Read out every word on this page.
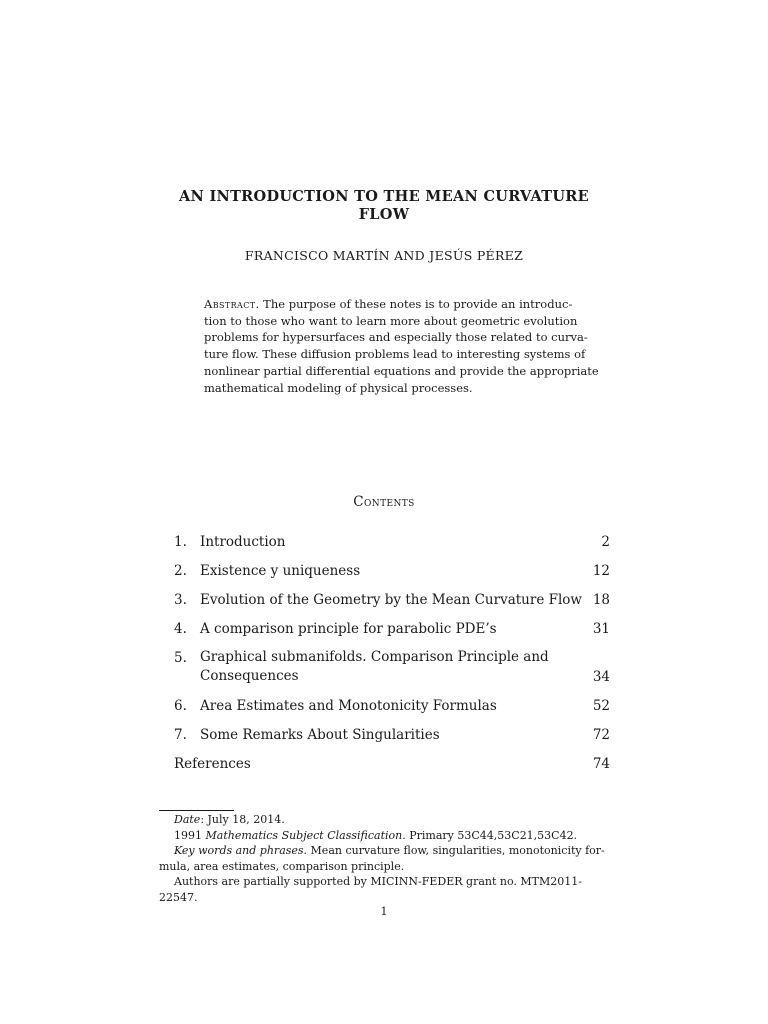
AN INTRODUCTION TO THE MEAN CURVATURE
FLOW
FRANCISCO MARTÍN AND JESÚS PÉREZ
Abstract. The purpose of these notes is to provide an introduc-
tion to those who want to learn more about geometric evolution
problems for hypersurfaces and especially those related to curva-
ture flow. These diffusion problems lead to interesting systems of
nonlinear partial differential equations and provide the appropriate
mathematical modeling of physical processes.
Contents
1. Introduction	2
2. Existence y uniqueness	12
3. Evolution of the Geometry by the Mean Curvature Flow 18
4. A comparison principle for parabolic PDE’s	31
5. Graphical submanifolds. Comparison Principle and
Consequences	34
6. Area Estimates and Monotonicity Formulas	52
7. Some Remarks About Singularities	72
References	74
Date: July 18, 2014.
1991 Mathematics Subject Classification. Primary 53C44,53C21,53C42.
Key words and phrases. Mean curvature flow, singularities, monotonicity for-
mula, area estimates, comparison principle.
Authors are partially supported by MICINN-FEDER grant no. MTM2011-
22547.
1
